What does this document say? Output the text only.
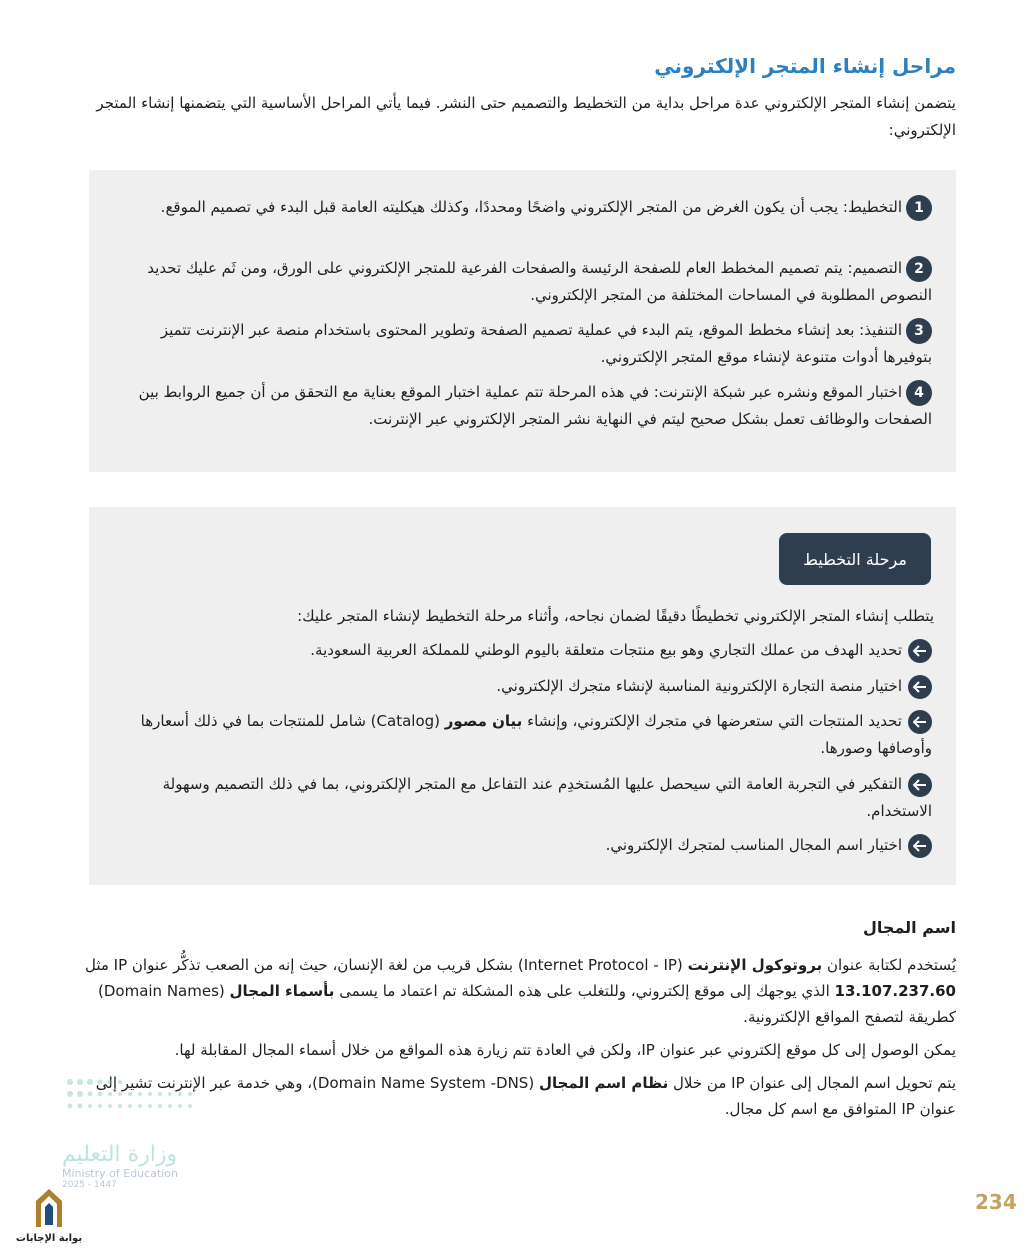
مراحل إنشاء المتجر الإلكتروني
يتضمن إنشاء المتجر الإلكتروني عدة مراحل بداية من التخطيط والتصميم حتى النشر. فيما يأتي المراحل الأساسية التي يتضمنها إنشاء المتجر الإلكتروني:
1
التخطيط: يجب أن يكون الغرض من المتجر الإلكتروني واضحًا ومحددًا، وكذلك هيكليته العامة قبل البدء في تصميم الموقع.
2
التصميم: يتم تصميم المخطط العام للصفحة الرئيسة والصفحات الفرعية للمتجر الإلكتروني على الورق، ومن ثَم عليك تحديد النصوص المطلوبة في المساحات المختلفة من المتجر الإلكتروني.
3
التنفيذ: بعد إنشاء مخطط الموقع، يتم البدء في عملية تصميم الصفحة وتطوير المحتوى باستخدام منصة عبر الإنترنت تتميز بتوفيرها أدوات متنوعة لإنشاء موقع المتجر الإلكتروني.
4
اختبار الموقع ونشره عبر شبكة الإنترنت: في هذه المرحلة تتم عملية اختبار الموقع بعناية مع التحقق من أن جميع الروابط بين الصفحات والوظائف تعمل بشكل صحيح ليتم في النهاية نشر المتجر الإلكتروني عبر الإنترنت.
مرحلة التخطيط
يتطلب إنشاء المتجر الإلكتروني تخطيطًا دقيقًا لضمان نجاحه، وأثناء مرحلة التخطيط لإنشاء المتجر عليك:
تحديد الهدف من عملك التجاري وهو بيع منتجات متعلقة باليوم الوطني للمملكة العربية السعودية.
اختيار منصة التجارة الإلكترونية المناسبة لإنشاء متجرك الإلكتروني.
تحديد المنتجات التي ستعرضها في متجرك الإلكتروني، وإنشاء بيان مصور (Catalog) شامل للمنتجات بما في ذلك أسعارها وأوصافها وصورها.
التفكير في التجربة العامة التي سيحصل عليها المُستخدِم عند التفاعل مع المتجر الإلكتروني، بما في ذلك التصميم وسهولة الاستخدام.
اختيار اسم المجال المناسب لمتجرك الإلكتروني.
اسم المجال
يُستخدم لكتابة عنوان بروتوكول الإنترنت (Internet Protocol - IP) بشكل قريب من لغة الإنسان، حيث إنه من الصعب تذكُّر عنوان IP مثل 13.107.237.60 الذي يوجهك إلى موقع إلكتروني، وللتغلب على هذه المشكلة تم اعتماد ما يسمى بأسماء المجال (Domain Names) كطريقة لتصفح المواقع الإلكترونية.
يمكن الوصول إلى كل موقع إلكتروني عبر عنوان IP، ولكن في العادة تتم زيارة هذه المواقع من خلال أسماء المجال المقابلة لها.
يتم تحويل اسم المجال إلى عنوان IP من خلال نظام اسم المجال (Domain Name System -DNS)، وهي خدمة عبر الإنترنت تشير إلى عنوان IP المتوافق مع اسم كل مجال.
وزارة التعليم
Ministry of Education
2025 - 1447
234
بوابة الإجابات
